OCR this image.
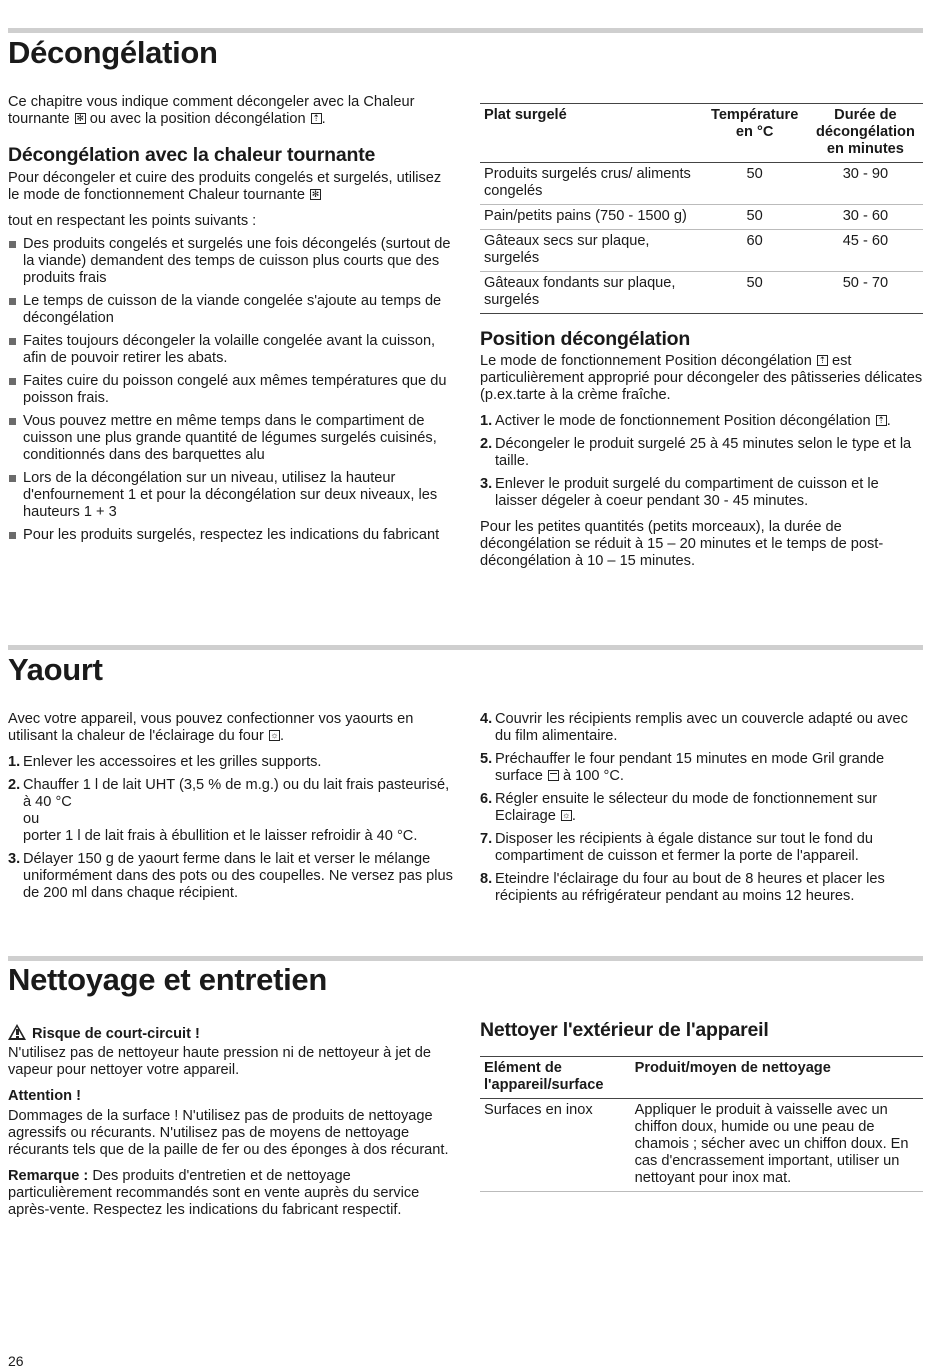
Décongélation

Ce chapitre vous indique comment décongeler avec la Chaleur tournante ✻ ou avec la position décongélation ⇡.

Décongélation avec la chaleur tournante

Pour décongeler et cuire des produits congelés et surgelés, utilisez le mode de fonctionnement Chaleur tournante ✻

tout en respectant les points suivants :

Des produits congelés et surgelés une fois décongelés (surtout de la viande) demandent des temps de cuisson plus courts que des produits frais
Le temps de cuisson de la viande congelée s'ajoute au temps de décongélation
Faites toujours décongeler la volaille congelée avant la cuisson, afin de pouvoir retirer les abats.
Faites cuire du poisson congelé aux mêmes températures que du poisson frais.
Vous pouvez mettre en même temps dans le compartiment de cuisson une plus grande quantité de légumes surgelés cuisinés, conditionnés dans des barquettes alu
Lors de la décongélation sur un niveau, utilisez la hauteur d'enfournement 1 et pour la décongélation sur deux niveaux, les hauteurs 1 + 3
Pour les produits surgelés, respectez les indications du fabricant
Plat surgelé	Température en °C	Durée de décongélation en minutes
Produits surgelés crus/ aliments congelés	50	30 - 90
Pain/petits pains (750 - 1500 g)	50	30 - 60
Gâteaux secs sur plaque, surgelés	60	45 - 60
Gâteaux fondants sur plaque, surgelés	50	50 - 70
Position décongélation

Le mode de fonctionnement Position décongélation ⇡ est particulièrement approprié pour décongeler des pâtisseries délicates (p.ex.tarte à la crème fraîche.

1. Activer le mode de fonctionnement Position décongélation ⇡.
2. Décongeler le produit surgelé 25 à 45 minutes selon le type et la taille.
3. Enlever le produit surgelé du compartiment de cuisson et le laisser dégeler à coeur pendant 30 - 45 minutes.

Pour les petites quantités (petits morceaux), la durée de décongélation se réduit à 15 – 20 minutes et le temps de post-décongélation à 10 – 15 minutes.

Yaourt

Avec votre appareil, vous pouvez confectionner vos yaourts en utilisant la chaleur de l'éclairage du four ☼.

1. Enlever les accessoires et les grilles supports.
2. Chauffer 1 l de lait UHT (3,5 % de m.g.) ou du lait frais pasteurisé, à 40 °C
ou
porter 1 l de lait frais à ébullition et le laisser refroidir à 40 °C.
3. Délayer 150 g de yaourt ferme dans le lait et verser le mélange uniformément dans des pots ou des coupelles. Ne versez pas plus de 200 ml dans chaque récipient.
4. Couvrir les récipients remplis avec un couvercle adapté ou avec du film alimentaire.
5. Préchauffer le four pendant 15 minutes en mode Gril grande surface  à 100 °C.
6. Régler ensuite le sélecteur du mode de fonctionnement sur Eclairage ☼.
7. Disposer les récipients à égale distance sur tout le fond du compartiment de cuisson et fermer la porte de l'appareil.
8. Eteindre l'éclairage du four au bout de 8 heures et placer les récipients au réfrigérateur pendant au moins 12 heures.
Nettoyage et entretien

Risque de court-circuit !

N'utilisez pas de nettoyeur haute pression ni de nettoyeur à jet de vapeur pour nettoyer votre appareil.

Attention !

Dommages de la surface ! N'utilisez pas de produits de nettoyage agressifs ou récurants. N'utilisez pas de moyens de nettoyage récurants tels que de la paille de fer ou des éponges à dos récurant.

Remarque : Des produits d'entretien et de nettoyage particulièrement recommandés sont en vente auprès du service après-vente. Respectez les indications du fabricant respectif.

Nettoyer l'extérieur de l'appareil
Elément de l'appareil/surface	Produit/moyen de nettoyage
Surfaces en inox	Appliquer le produit à vaisselle avec un chiffon doux, humide ou une peau de chamois ; sécher avec un chiffon doux. En cas d'encrassement important, utiliser un nettoyant pour inox mat.
26
